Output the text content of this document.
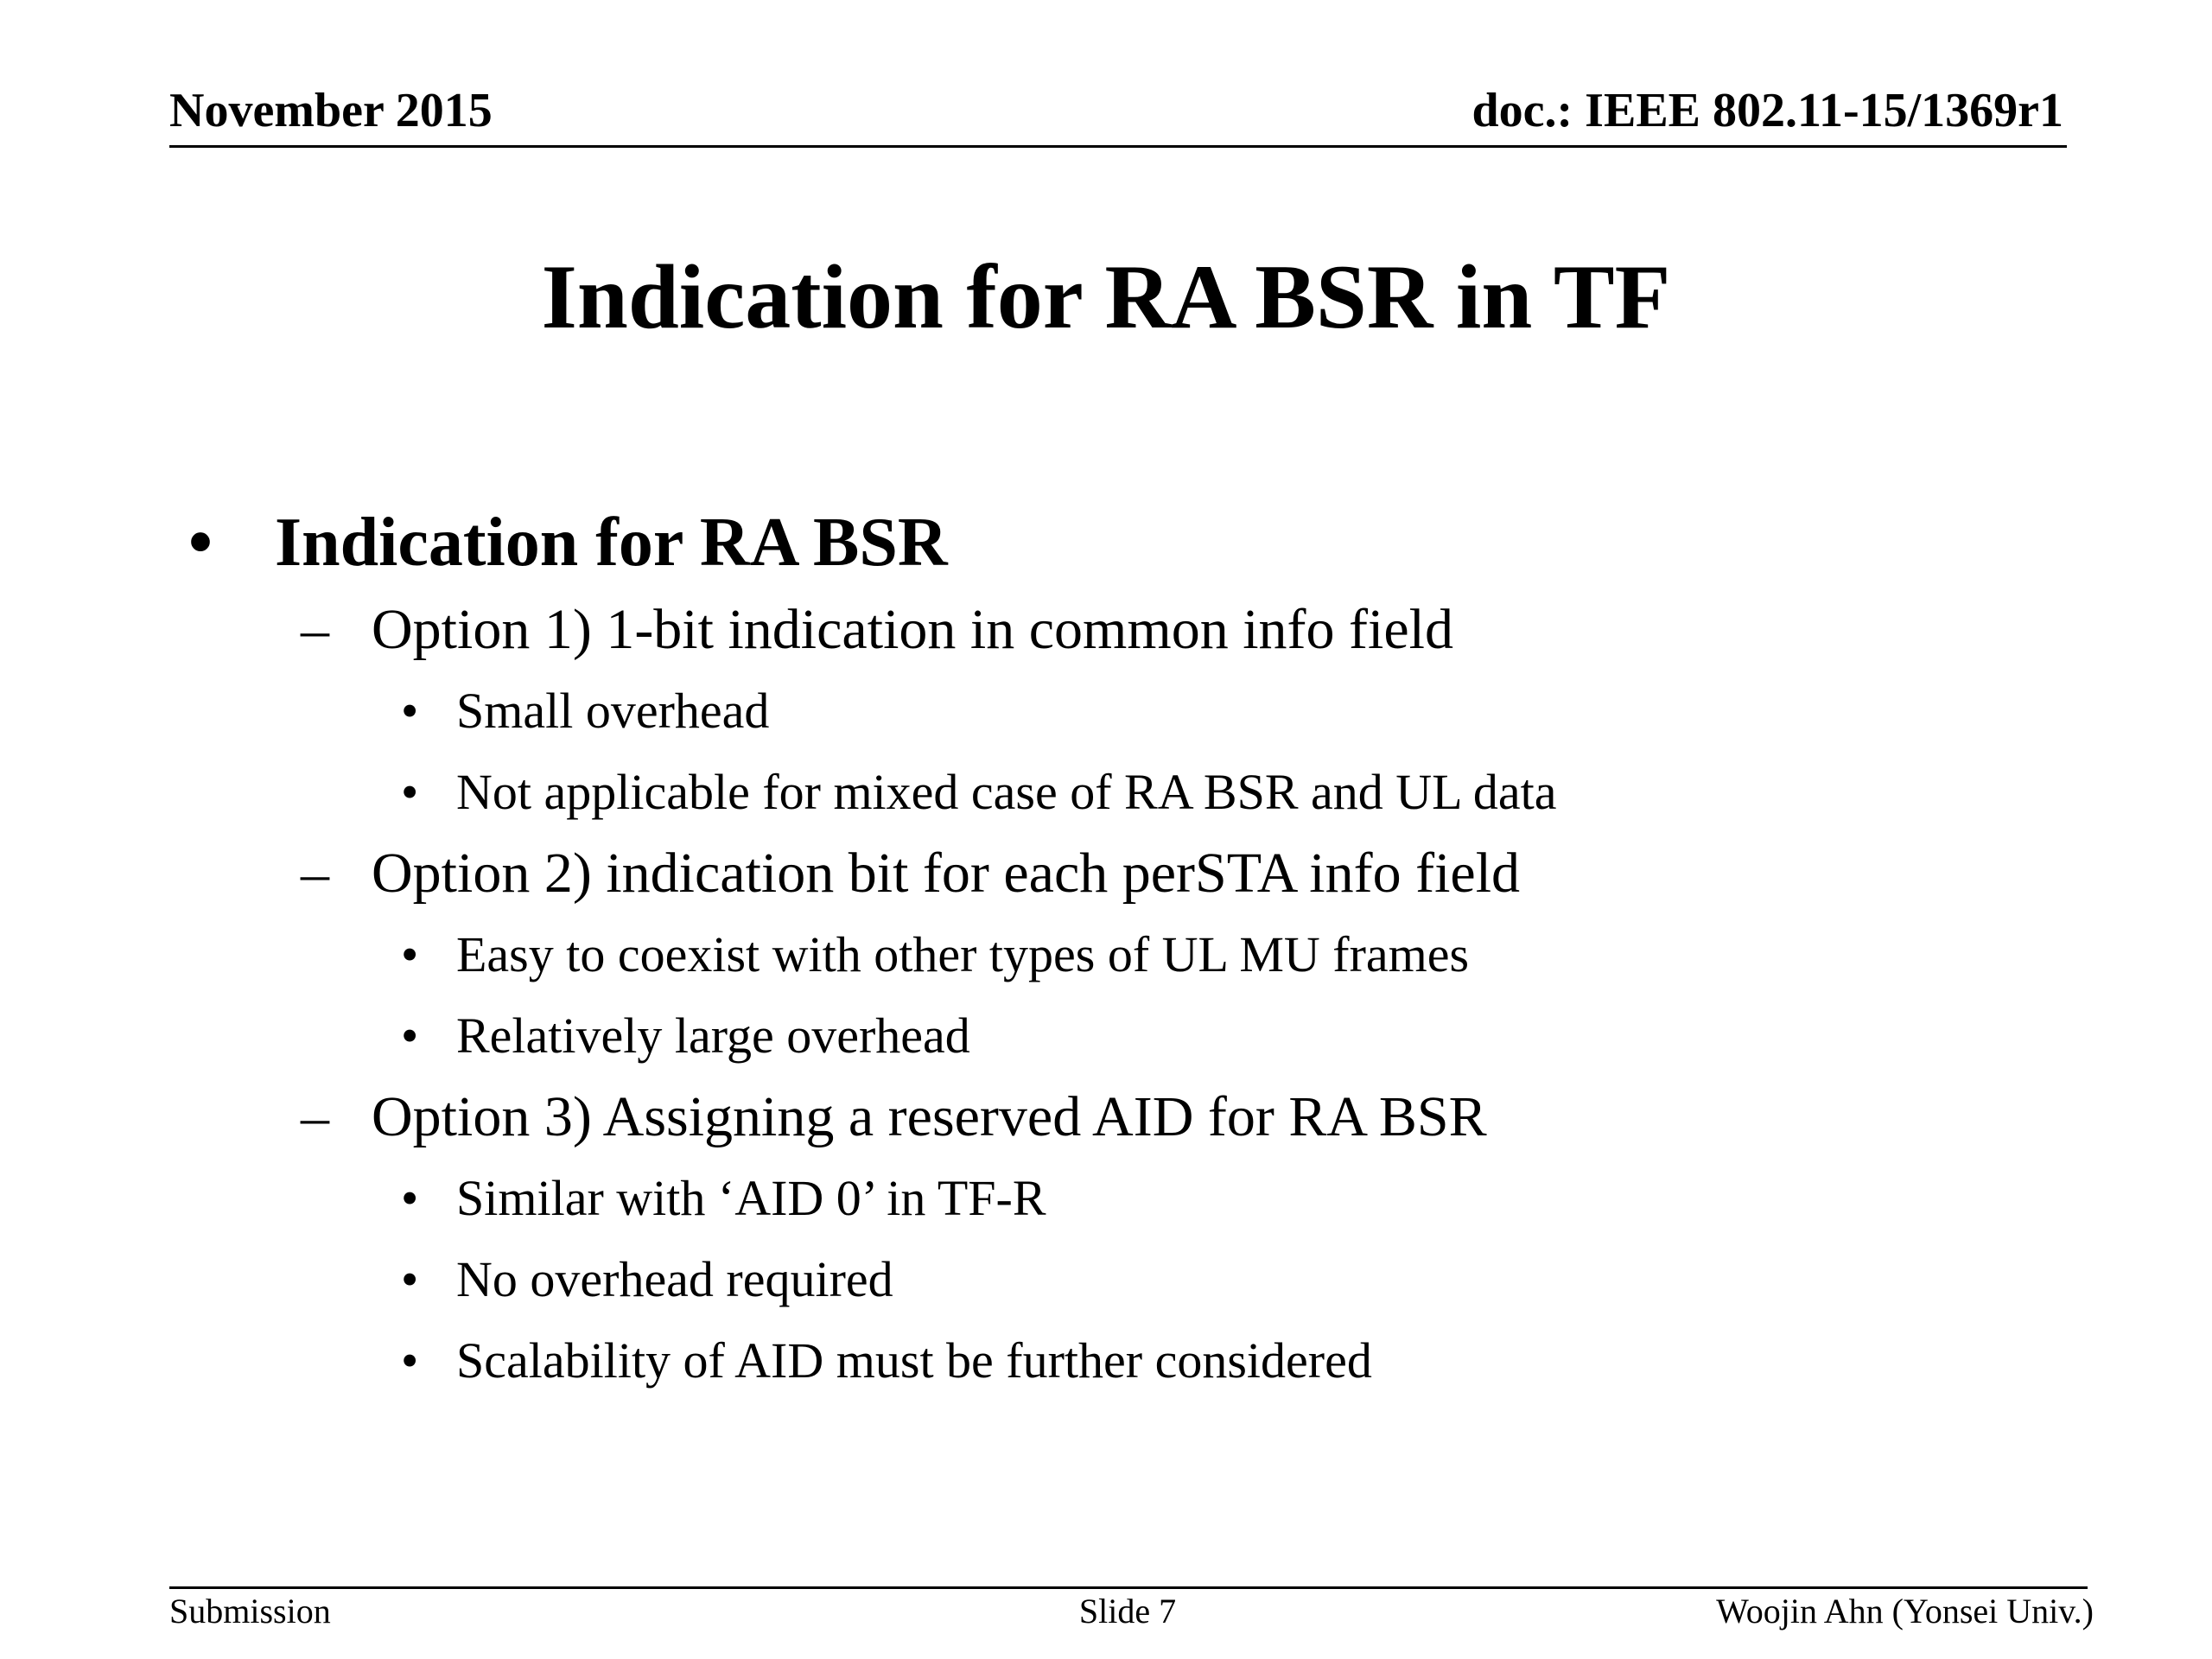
November 2015	doc.: IEEE 802.11-15/1369r1
Indication for RA BSR in TF
• Indication for RA BSR
– Option 1) 1-bit indication in common info field
• Small overhead
• Not applicable for mixed case of RA BSR and UL data
– Option 2) indication bit for each perSTA info field
• Easy to coexist with other types of UL MU frames
• Relatively large overhead
– Option 3) Assigning a reserved AID for RA BSR
• Similar with ‘AID 0’ in TF-R
• No overhead required
• Scalability of AID must be further considered
Submission	Slide 7	Woojin Ahn (Yonsei Univ.)
